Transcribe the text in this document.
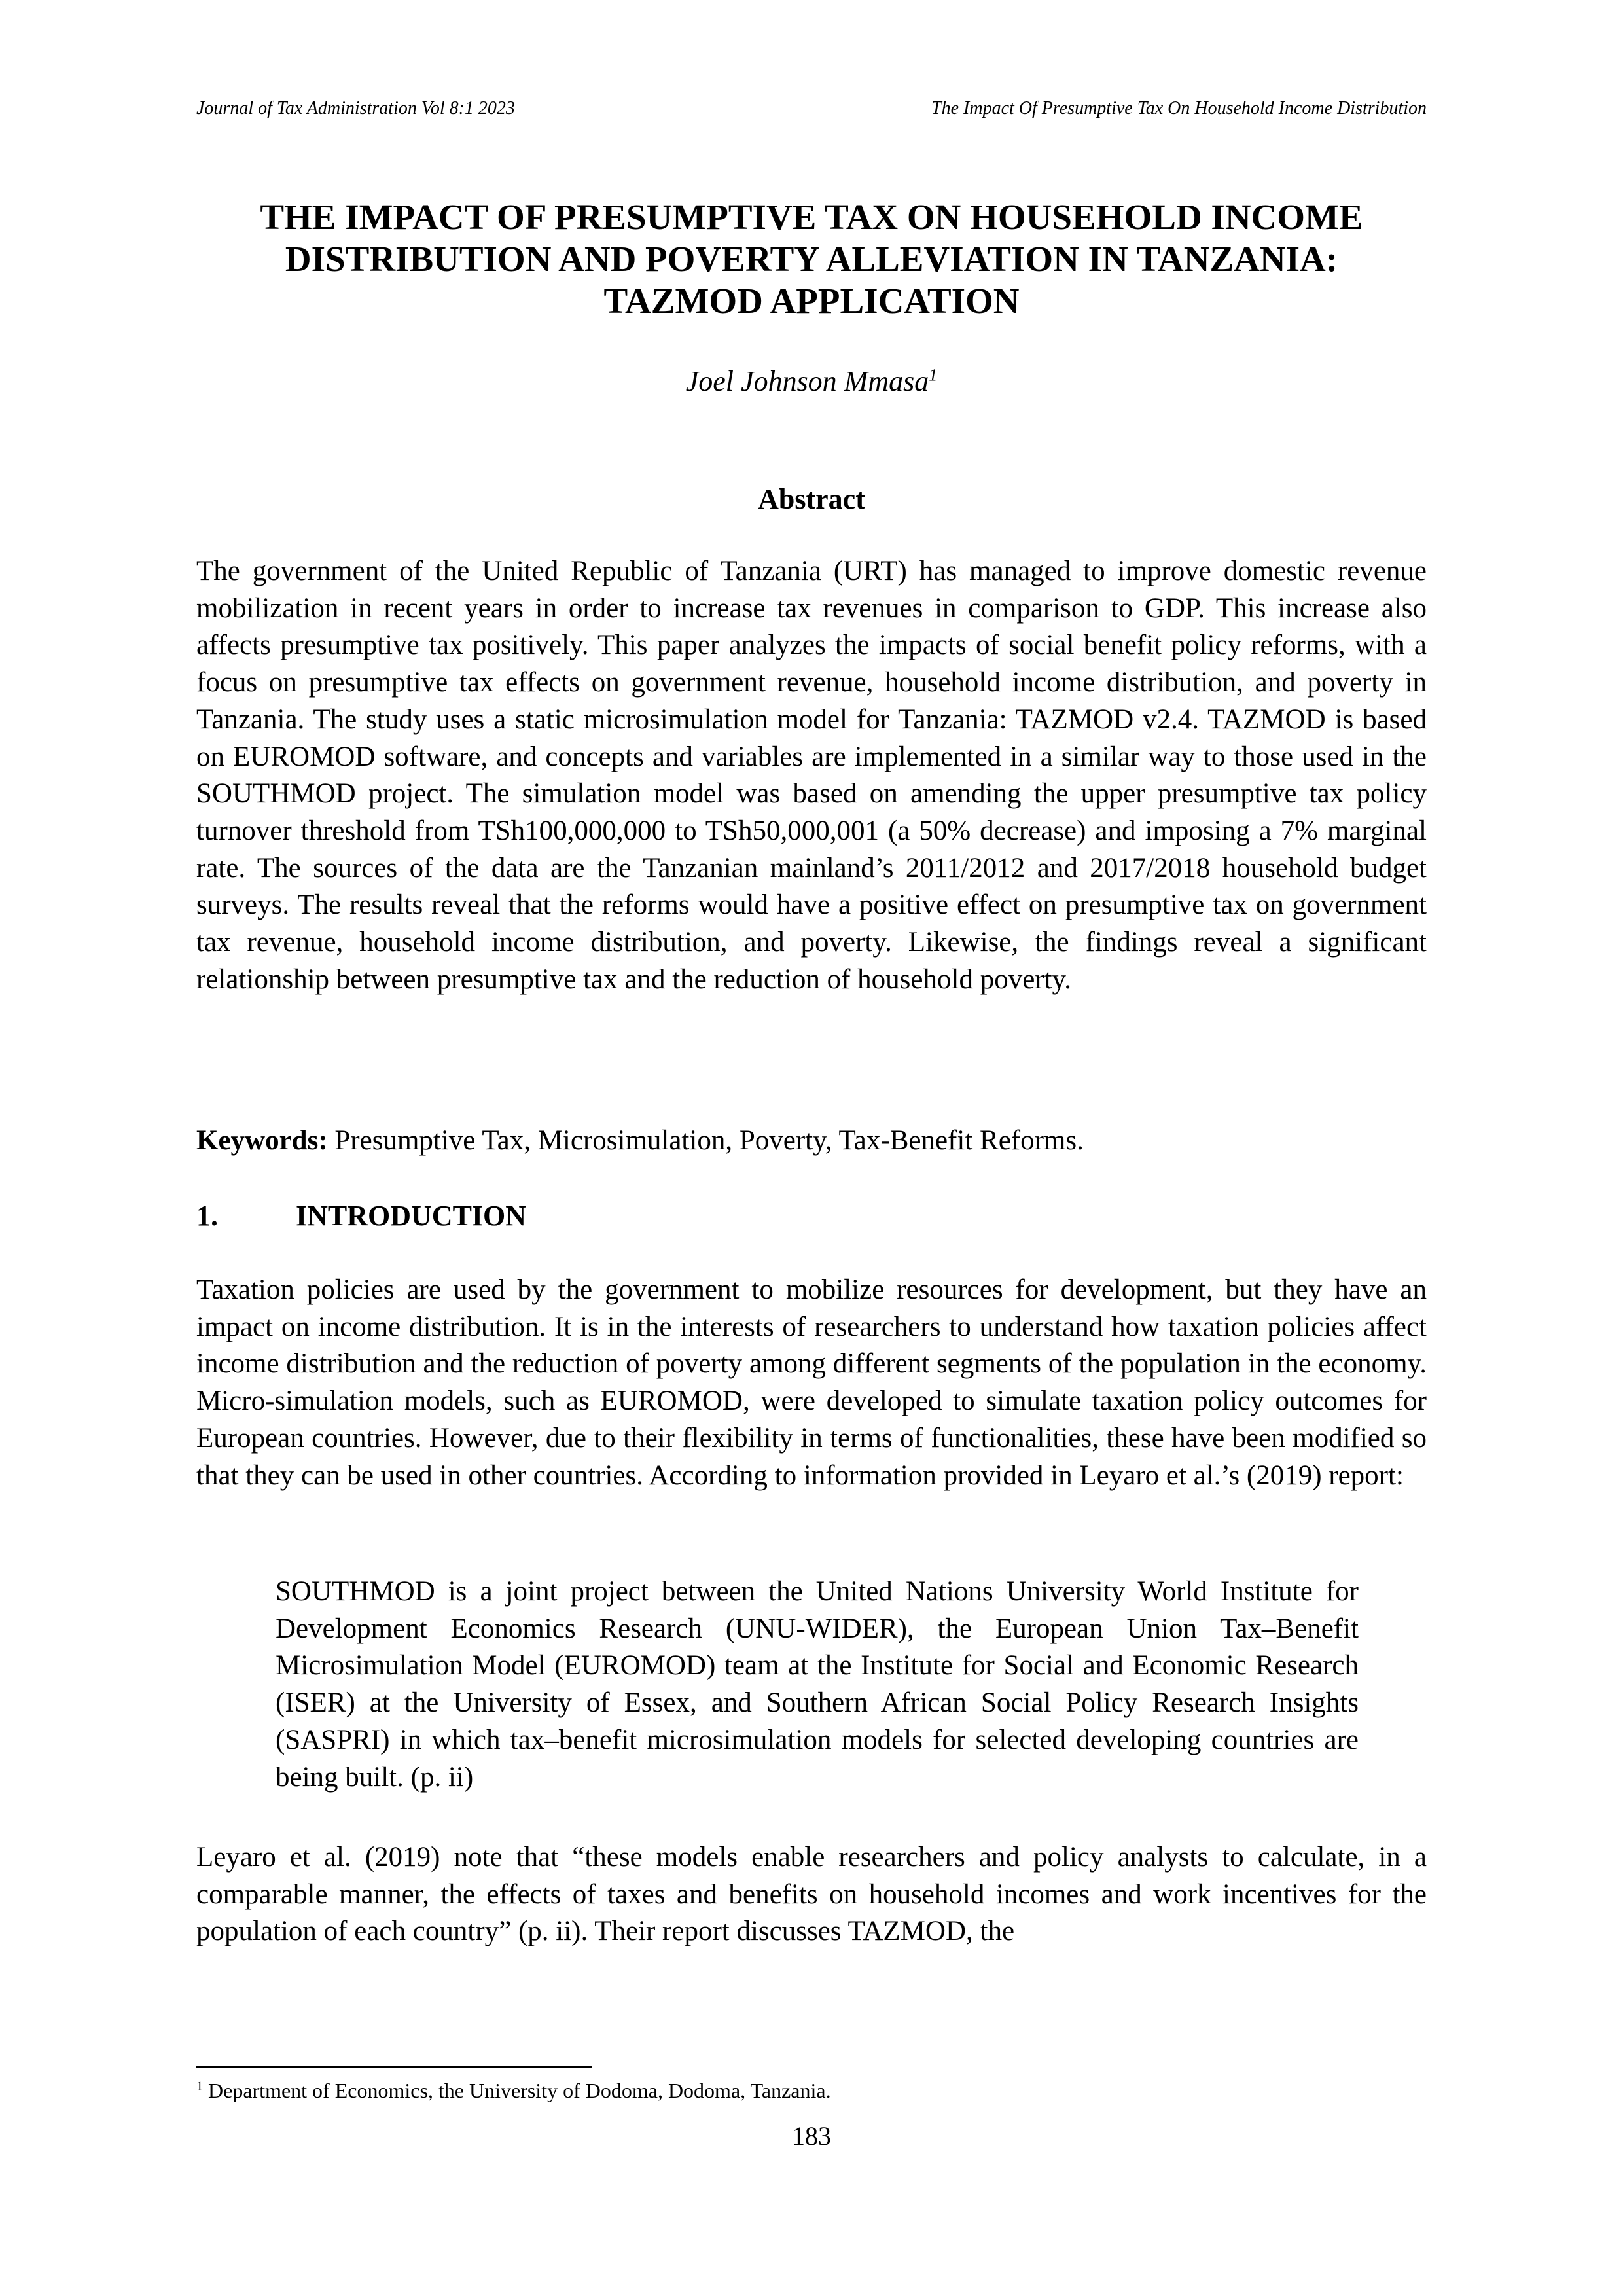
Journal of Tax Administration Vol 8:1 2023	The Impact Of Presumptive Tax On Household Income Distribution
THE IMPACT OF PRESUMPTIVE TAX ON HOUSEHOLD INCOME
DISTRIBUTION AND POVERTY ALLEVIATION IN TANZANIA:
TAZMOD APPLICATION
Joel Johnson Mmasa$^1$
Abstract

The government of the United Republic of Tanzania (URT) has managed to improve domestic revenue mobilization in recent years in order to increase tax revenues in comparison to GDP. This increase also affects presumptive tax positively. This paper analyzes the impacts of social benefit policy reforms, with a focus on presumptive tax effects on government revenue, household income distribution, and poverty in Tanzania. The study uses a static microsimulation model for Tanzania: TAZMOD v2.4. TAZMOD is based on EUROMOD software, and concepts and variables are implemented in a similar way to those used in the SOUTHMOD project. The simulation model was based on amending the upper presumptive tax policy turnover threshold from TSh100,000,000 to TSh50,000,001 (a 50% decrease) and imposing a 7% marginal rate. The sources of the data are the Tanzanian mainland’s 2011/2012 and 2017/2018 household budget surveys. The results reveal that the reforms would have a positive effect on presumptive tax on government tax revenue, household income distribution, and poverty. Likewise, the findings reveal a significant relationship between presumptive tax and the reduction of household poverty.

Keywords: Presumptive Tax, Microsimulation, Poverty, Tax-Benefit Reforms.

1.	INTRODUCTION

Taxation policies are used by the government to mobilize resources for development, but they have an impact on income distribution. It is in the interests of researchers to understand how taxation policies affect income distribution and the reduction of poverty among different segments of the population in the economy. Micro-simulation models, such as EUROMOD, were developed to simulate taxation policy outcomes for European countries. However, due to their flexibility in terms of functionalities, these have been modified so that they can be used in other countries. According to information provided in Leyaro et al.’s (2019) report:

SOUTHMOD is a joint project between the United Nations University World Institute for Development Economics Research (UNU-WIDER), the European Union Tax–Benefit Microsimulation Model (EUROMOD) team at the Institute for Social and Economic Research (ISER) at the University of Essex, and Southern African Social Policy Research Insights (SASPRI) in which tax–benefit microsimulation models for selected developing countries are being built. (p. ii)

Leyaro et al. (2019) note that “these models enable researchers and policy analysts to calculate, in a comparable manner, the effects of taxes and benefits on household incomes and work incentives for the population of each country” (p. ii). Their report discusses TAZMOD, the

$^1$ Department of Economics, the University of Dodoma, Dodoma, Tanzania.

183
